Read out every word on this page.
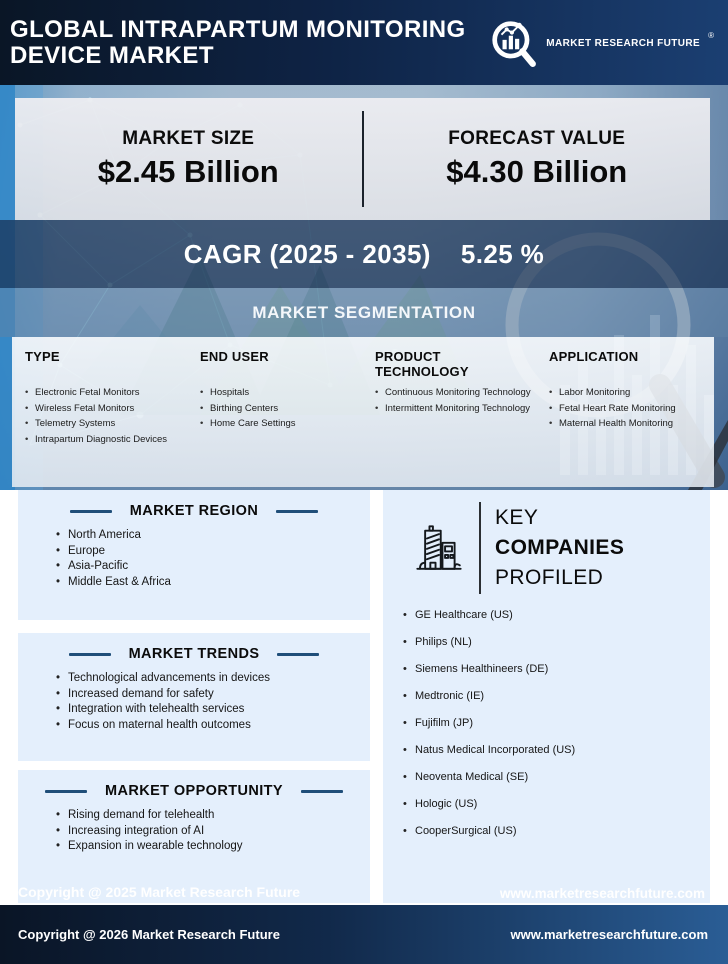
GLOBAL INTRAPARTUM MONITORING
DEVICE MARKET	MARKET RESEARCH FUTURE
®
MARKET SIZE
$2.45 Billion
FORECAST VALUE
$4.30 Billion
CAGR (2025 - 2035) 5.25 %
MARKET SEGMENTATION
TYPE
• Electronic Fetal Monitors
• Wireless Fetal Monitors
• Telemetry Systems
• Intrapartum Diagnostic Devices
END USER
• Hospitals
• Birthing Centers
• Home Care Settings
PRODUCT TECHNOLOGY
• Continuous Monitoring Technology
• Intermittent Monitoring Technology
APPLICATION
• Labor Monitoring
• Fetal Heart Rate Monitoring
• Maternal Health Monitoring
MARKET REGION
• North America
• Europe
• Asia-Pacific
• Middle East & Africa
MARKET TRENDS
• Technological advancements in devices
• Increased demand for safety
• Integration with telehealth services
• Focus on maternal health outcomes
MARKET OPPORTUNITY
• Rising demand for telehealth
• Increasing integration of AI
• Expansion in wearable technology
KEY
COMPANIES
PROFILED
• GE Healthcare (US)
• Philips (NL)
• Siemens Healthineers (DE)
• Medtronic (IE)
• Fujifilm (JP)
• Natus Medical Incorporated (US)
• Neoventa Medical (SE)
• Hologic (US)
• CooperSurgical (US)
Copyright @ 2025 Market Research Future	www.marketresearchfuture.com
Copyright @ 2026 Market Research Future	www.marketresearchfuture.com
